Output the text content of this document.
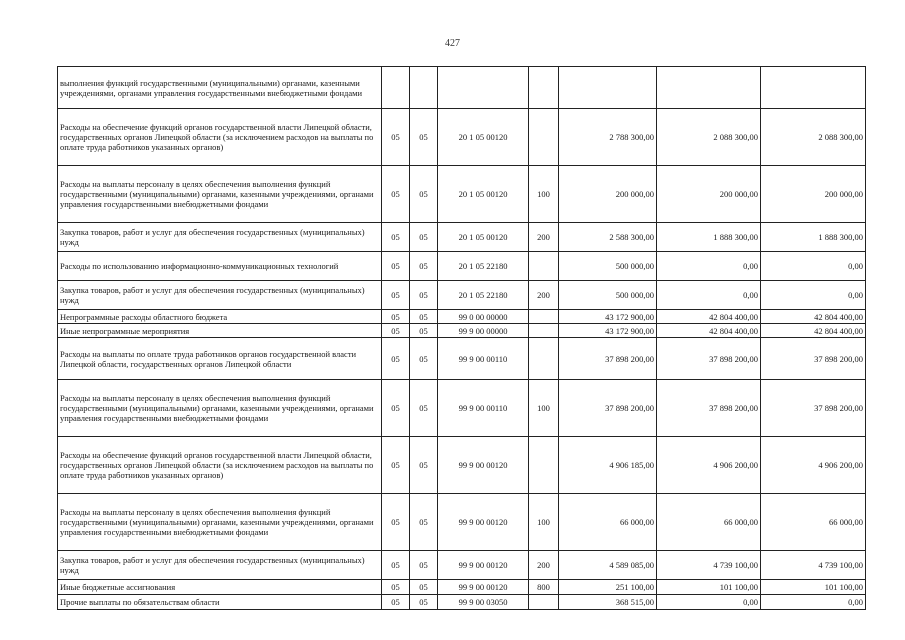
427
выполнения функций государственными (муниципальными) органами, казенными учреждениями, органами управления государственными внебюджетными фондами							
Расходы на обеспечение функций органов государственной власти Липецкой области, государственных органов Липецкой области (за исключением расходов на выплаты по оплате труда работников указанных органов)	05	05	20 1 05 00120		2 788 300,00	2 088 300,00	2 088 300,00
Расходы на выплаты персоналу в целях обеспечения выполнения функций государственными (муниципальными) органами, казенными учреждениями, органами управления государственными внебюджетными фондами	05	05	20 1 05 00120	100	200 000,00	200 000,00	200 000,00
Закупка товаров, работ и услуг для обеспечения государственных (муниципальных) нужд	05	05	20 1 05 00120	200	2 588 300,00	1 888 300,00	1 888 300,00
Расходы по использованию информационно-коммуникационных технологий	05	05	20 1 05 22180		500 000,00	0,00	0,00
Закупка товаров, работ и услуг для обеспечения государственных (муниципальных) нужд	05	05	20 1 05 22180	200	500 000,00	0,00	0,00
Непрограммные расходы областного бюджета	05	05	99 0 00 00000		43 172 900,00	42 804 400,00	42 804 400,00
Иные непрограммные мероприятия	05	05	99 9 00 00000		43 172 900,00	42 804 400,00	42 804 400,00
Расходы на выплаты по оплате труда работников органов государственной власти Липецкой области, государственных органов Липецкой области	05	05	99 9 00 00110		37 898 200,00	37 898 200,00	37 898 200,00
Расходы на выплаты персоналу в целях обеспечения выполнения функций государственными (муниципальными) органами, казенными учреждениями, органами управления государственными внебюджетными фондами	05	05	99 9 00 00110	100	37 898 200,00	37 898 200,00	37 898 200,00
Расходы на обеспечение функций органов государственной власти Липецкой области, государственных органов Липецкой области (за исключением расходов на выплаты по оплате труда работников указанных органов)	05	05	99 9 00 00120		4 906 185,00	4 906 200,00	4 906 200,00
Расходы на выплаты персоналу в целях обеспечения выполнения функций государственными (муниципальными) органами, казенными учреждениями, органами управления государственными внебюджетными фондами	05	05	99 9 00 00120	100	66 000,00	66 000,00	66 000,00
Закупка товаров, работ и услуг для обеспечения государственных (муниципальных) нужд	05	05	99 9 00 00120	200	4 589 085,00	4 739 100,00	4 739 100,00
Иные бюджетные ассигнования	05	05	99 9 00 00120	800	251 100,00	101 100,00	101 100,00
Прочие выплаты по обязательствам области	05	05	99 9 00 03050		368 515,00	0,00	0,00
